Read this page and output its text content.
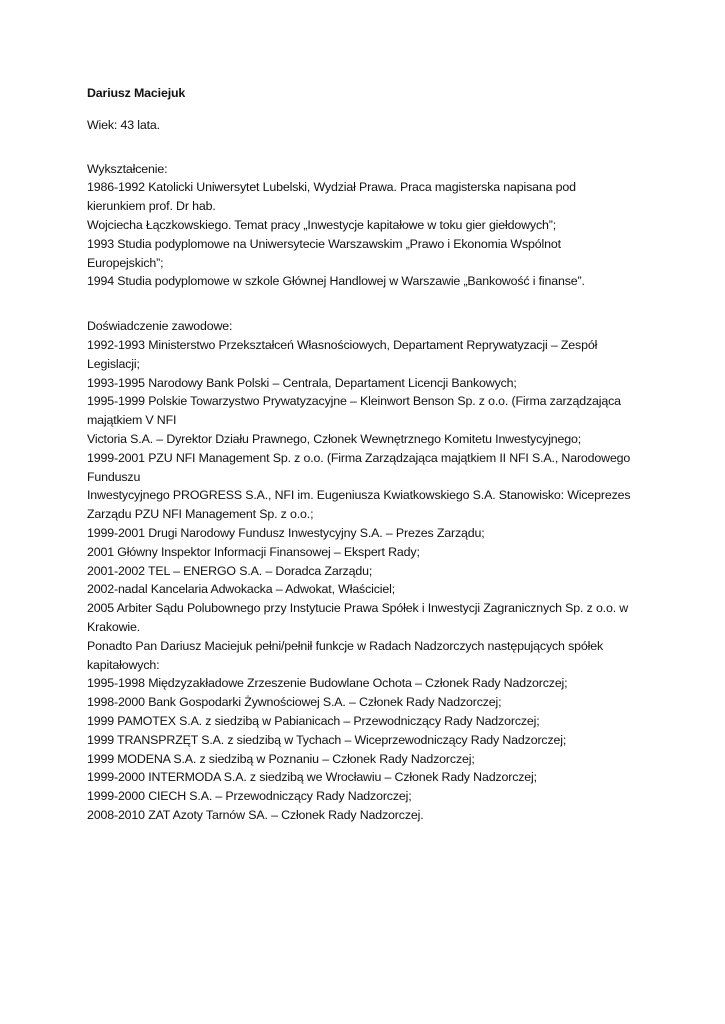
Dariusz Maciejuk
Wiek: 43 lata.
Wykształcenie:
1986-1992 Katolicki Uniwersytet Lubelski, Wydział Prawa. Praca magisterska napisana pod
kierunkiem prof. Dr hab.
Wojciecha Łączkowskiego. Temat pracy „Inwestycje kapitałowe w toku gier giełdowych”;
1993 Studia podyplomowe na Uniwersytecie Warszawskim „Prawo i Ekonomia Wspólnot
Europejskich”;
1994 Studia podyplomowe w szkole Głównej Handlowej w Warszawie „Bankowość i finanse”.
Doświadczenie zawodowe:
1992-1993 Ministerstwo Przekształceń Własnościowych, Departament Reprywatyzacji – Zespół
Legislacji;
1993-1995 Narodowy Bank Polski – Centrala, Departament Licencji Bankowych;
1995-1999 Polskie Towarzystwo Prywatyzacyjne – Kleinwort Benson Sp. z o.o. (Firma zarządzająca
majątkiem V NFI
Victoria S.A. – Dyrektor Działu Prawnego, Członek Wewnętrznego Komitetu Inwestycyjnego;
1999-2001 PZU NFI Management Sp. z o.o. (Firma Zarządzająca majątkiem II NFI S.A., Narodowego
Funduszu
Inwestycyjnego PROGRESS S.A., NFI im. Eugeniusza Kwiatkowskiego S.A. Stanowisko: Wiceprezes
Zarządu PZU NFI Management Sp. z o.o.;
1999-2001 Drugi Narodowy Fundusz Inwestycyjny S.A. – Prezes Zarządu;
2001 Główny Inspektor Informacji Finansowej – Ekspert Rady;
2001-2002 TEL – ENERGO S.A. – Doradca Zarządu;
2002-nadal Kancelaria Adwokacka – Adwokat, Właściciel;
2005 Arbiter Sądu Polubownego przy Instytucie Prawa Spółek i Inwestycji Zagranicznych Sp. z o.o. w
Krakowie.
Ponadto Pan Dariusz Maciejuk pełni/pełnił funkcje w Radach Nadzorczych następujących spółek
kapitałowych:
1995-1998 Międzyzakładowe Zrzeszenie Budowlane Ochota – Członek Rady Nadzorczej;
1998-2000 Bank Gospodarki Żywnościowej S.A. – Członek Rady Nadzorczej;
1999 PAMOTEX S.A. z siedzibą w Pabianicach – Przewodniczący Rady Nadzorczej;
1999 TRANSPRZĘT S.A. z siedzibą w Tychach – Wiceprzewodniczący Rady Nadzorczej;
1999 MODENA S.A. z siedzibą w Poznaniu – Członek Rady Nadzorczej;
1999-2000 INTERMODA S.A. z siedzibą we Wrocławiu – Członek Rady Nadzorczej;
1999-2000 CIECH S.A. – Przewodniczący Rady Nadzorczej;
2008-2010 ZAT Azoty Tarnów SA. – Członek Rady Nadzorczej.
